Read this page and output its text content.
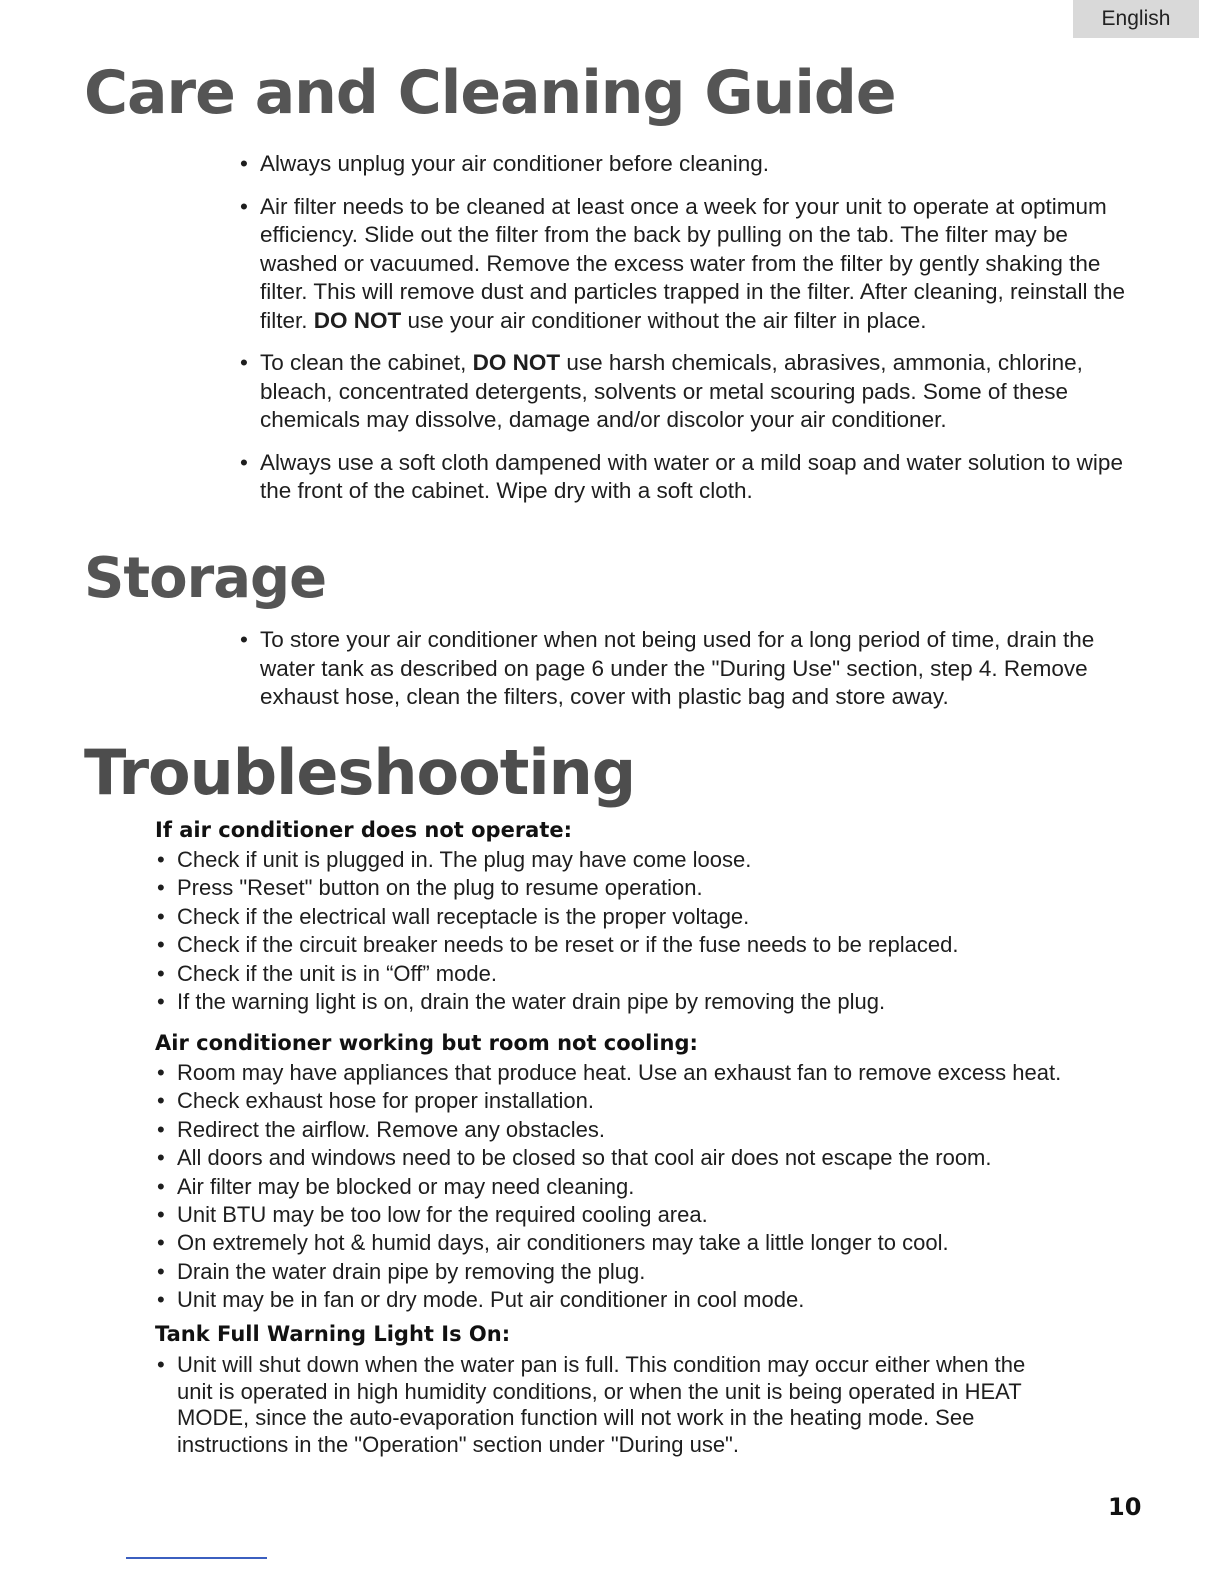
English
Care and Cleaning Guide
• Always unplug your air conditioner before cleaning.
• Air filter needs to be cleaned at least once a week for your unit to operate at optimum efficiency. Slide out the filter from the back by pulling on the tab. The filter may be washed or vacuumed. Remove the excess water from the filter by gently shaking the filter. This will remove dust and particles trapped in the filter. After cleaning, reinstall the filter. DO NOT use your air conditioner without the air filter in place.
• To clean the cabinet, DO NOT use harsh chemicals, abrasives, ammonia, chlorine, bleach, concentrated detergents, solvents or metal scouring pads. Some of these chemicals may dissolve, damage and/or discolor your air conditioner.
• Always use a soft cloth dampened with water or a mild soap and water solution to wipe the front of the cabinet. Wipe dry with a soft cloth.
Storage
• To store your air conditioner when not being used for a long period of time, drain the water tank as described on page 6 under the "During Use" section, step 4. Remove exhaust hose, clean the filters, cover with plastic bag and store away.
Troubleshooting
If air conditioner does not operate:
• Check if unit is plugged in. The plug may have come loose.
• Press "Reset" button on the plug to resume operation.
• Check if the electrical wall receptacle is the proper voltage.
• Check if the circuit breaker needs to be reset or if the fuse needs to be replaced.
• Check if the unit is in “Off” mode.
• If the warning light is on, drain the water drain pipe by removing the plug.
Air conditioner working but room not cooling:
• Room may have appliances that produce heat. Use an exhaust fan to remove excess heat.
• Check exhaust hose for proper installation.
• Redirect the airflow. Remove any obstacles.
• All doors and windows need to be closed so that cool air does not escape the room.
• Air filter may be blocked or may need cleaning.
• Unit BTU may be too low for the required cooling area.
• On extremely hot & humid days, air conditioners may take a little longer to cool.
• Drain the water drain pipe by removing the plug.
• Unit may be in fan or dry mode. Put air conditioner in cool mode.
Tank Full Warning Light Is On:
• Unit will shut down when the water pan is full. This condition may occur either when the unit is operated in high humidity conditions, or when the unit is being operated in HEAT MODE, since the auto-evaporation function will not work in the heating mode. See instructions in the "Operation" section under "During use".
10
